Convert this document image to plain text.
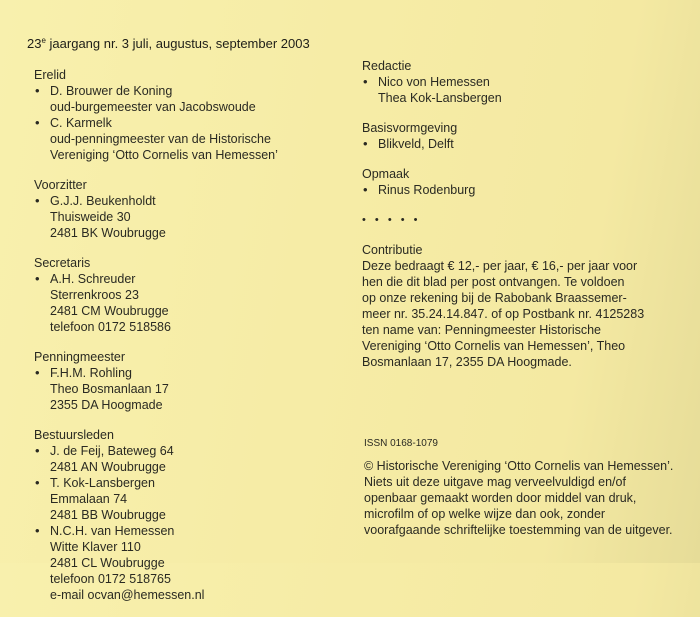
23e jaargang nr. 3 juli, augustus, september 2003
Erelid
• D. Brouwer de Koning
oud-burgemeester van Jacobswoude
• C. Karmelk
oud-penningmeester van de Historische
Vereniging ‘Otto Cornelis van Hemessen’
Voorzitter
• G.J.J. Beukenholdt
Thuisweide 30
2481 BK Woubrugge
Secretaris
• A.H. Schreuder
Sterrenkroos 23
2481 CM Woubrugge
telefoon 0172 518586
Penningmeester
• F.H.M. Rohling
Theo Bosmanlaan 17
2355 DA Hoogmade
Bestuursleden
• J. de Feij, Bateweg 64
2481 AN Woubrugge
• T. Kok-Lansbergen
Emmalaan 74
2481 BB Woubrugge
• N.C.H. van Hemessen
Witte Klaver 110
2481 CL Woubrugge
telefoon 0172 518765
e-mail ocvan@hemessen.nl
Redactie
• Nico von Hemessen
Thea Kok-Lansbergen
Basisvormgeving
• Blikveld, Delft
Opmaak
• Rinus Rodenburg
• • • • •
Contributie
Deze bedraagt € 12,- per jaar, € 16,- per jaar voor
hen die dit blad per post ontvangen. Te voldoen
op onze rekening bij de Rabobank Braassemer-
meer nr. 35.24.14.847. of op Postbank nr. 4125283
ten name van: Penningmeester Historische
Vereniging ‘Otto Cornelis van Hemessen’, Theo
Bosmanlaan 17, 2355 DA Hoogmade.
ISSN 0168-1079
© Historische Vereniging ‘Otto Cornelis van Hemessen’.
Niets uit deze uitgave mag verveelvuldigd en/of
openbaar gemaakt worden door middel van druk,
microfilm of op welke wijze dan ook, zonder
voorafgaande schriftelijke toestemming van de uitgever.
